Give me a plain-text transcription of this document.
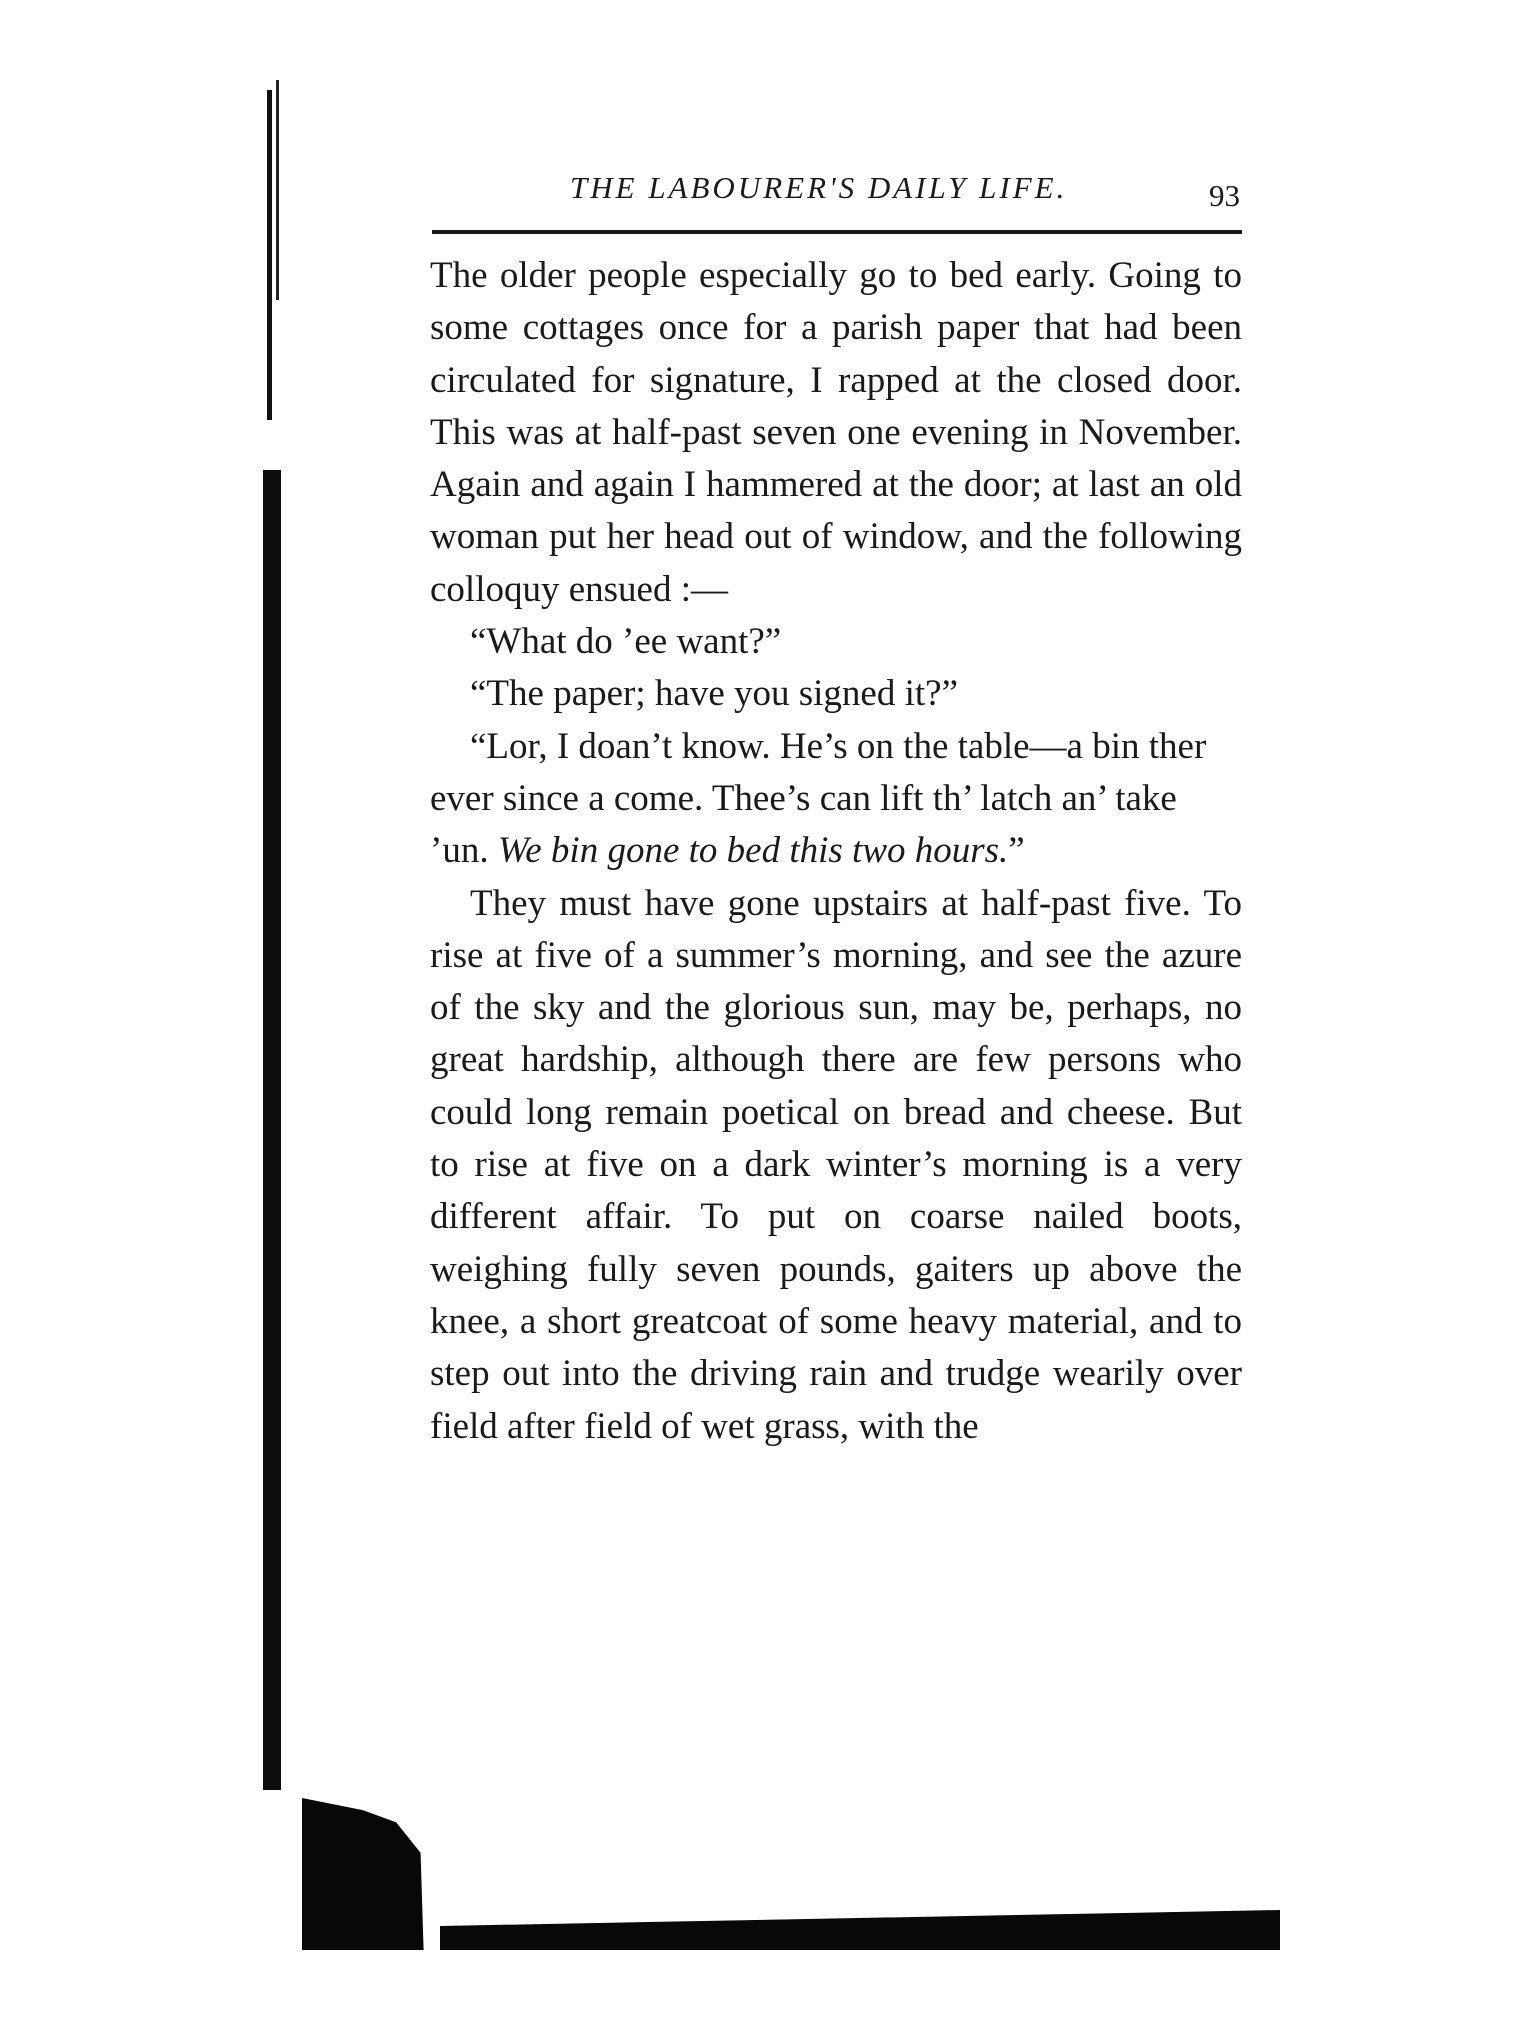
THE LABOURER'S DAILY LIFE.	93

The older people especially go to bed early. Going to some cottages once for a parish paper that had been circulated for signature, I rapped at the closed door. This was at half-past seven one evening in November. Again and again I hammered at the door; at last an old woman put her head out of window, and the following colloquy ensued :—

“What do ’ee want?”

“The paper; have you signed it?”

“Lor, I doan’t know. He’s on the table—a bin ther ever since a come. Thee’s can lift th’ latch an’ take ’un. We bin gone to bed this two hours.”

They must have gone upstairs at half-past five. To rise at five of a summer’s morning, and see the azure of the sky and the glorious sun, may be, perhaps, no great hardship, although there are few persons who could long remain poetical on bread and cheese. But to rise at five on a dark winter’s morning is a very different affair. To put on coarse nailed boots, weighing fully seven pounds, gaiters up above the knee, a short greatcoat of some heavy material, and to step out into the driving rain and trudge wearily over field after field of wet grass, with the
